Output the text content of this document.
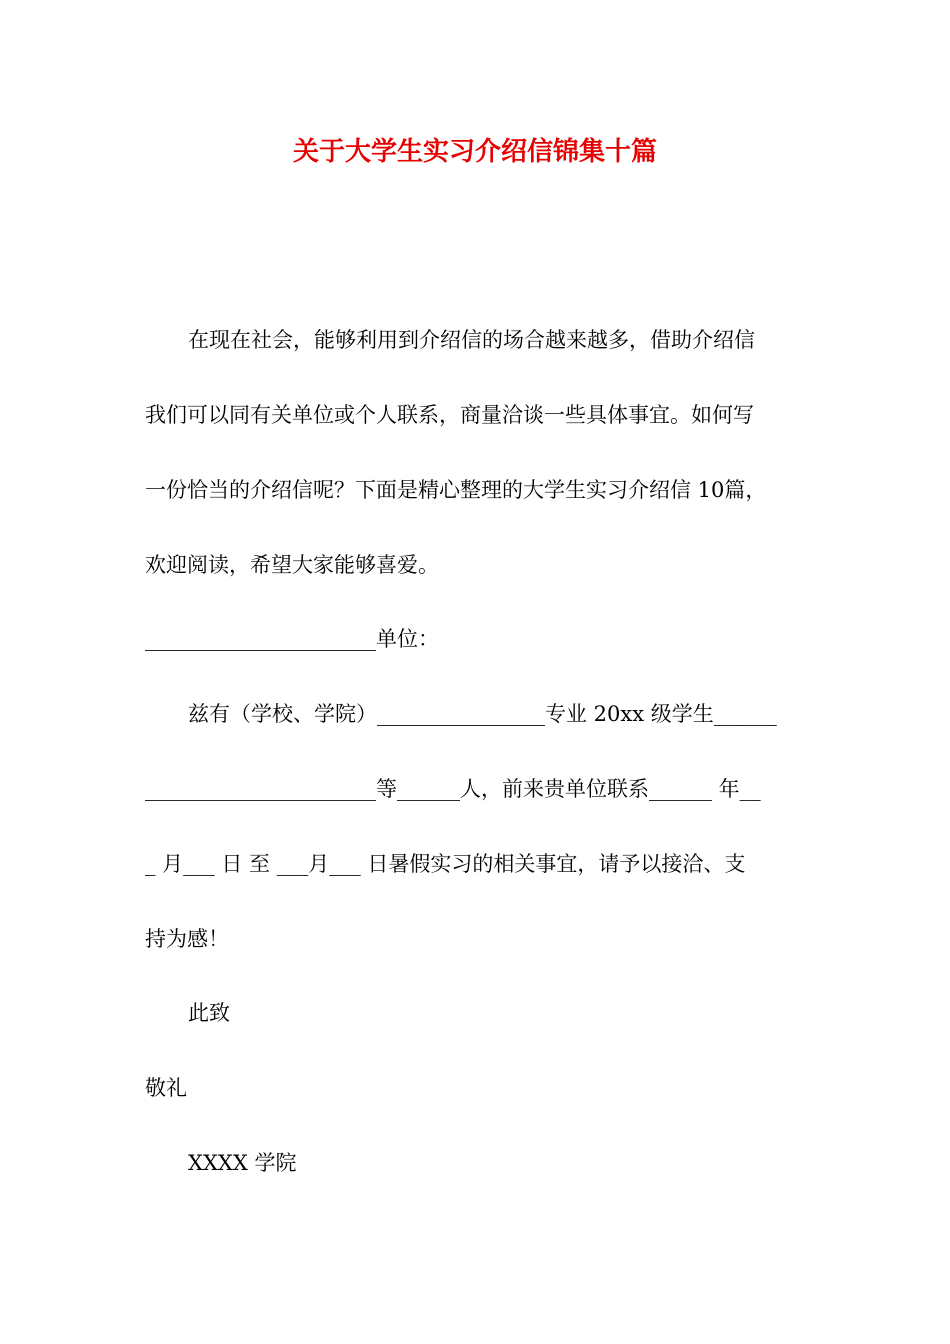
关于大学生实习介绍信锦集十篇
在现在社会，能够利用到介绍信的场合越来越多，借助介绍信
我们可以同有关单位或个人联系，商量洽谈一些具体事宜。如何写
一份恰当的介绍信呢？下面是精心整理的大学生实习介绍信 10篇，
欢迎阅读，希望大家能够喜爱。
______________________单位：
兹有（学校、学院）________________专业 20xx 级学生______
______________________等______人，前来贵单位联系______ 年__
_ 月___ 日 至 ___月___ 日暑假实习的相关事宜，请予以接洽、支
持为感！
此致
敬礼
XXXX 学院
